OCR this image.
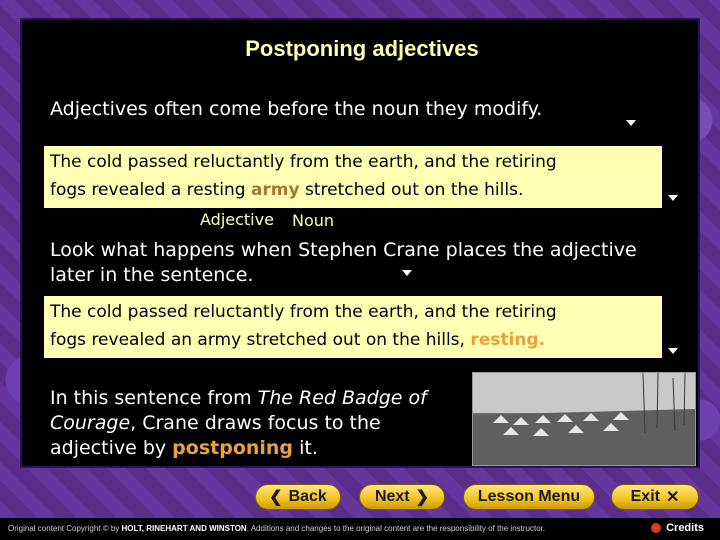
Postponing adjectives
Adjectives often come before the noun they modify.
The cold passed reluctantly from the earth, and the retiring
fogs revealed a resting army stretched out on the hills.
Adjective Noun
Look what happens when Stephen Crane places the adjective later in the sentence.
The cold passed reluctantly from the earth, and the retiring
fogs revealed an army stretched out on the hills, resting.
In this sentence from The Red Badge of Courage, Crane draws focus to the adjective by postponing it.
❮ Back	Next ❯	Lesson Menu	Exit ✕
Original content Copyright © by HOLT, RINEHART AND WINSTON. Additions and changes to the original content are the responsibility of the instructor.	Credits
